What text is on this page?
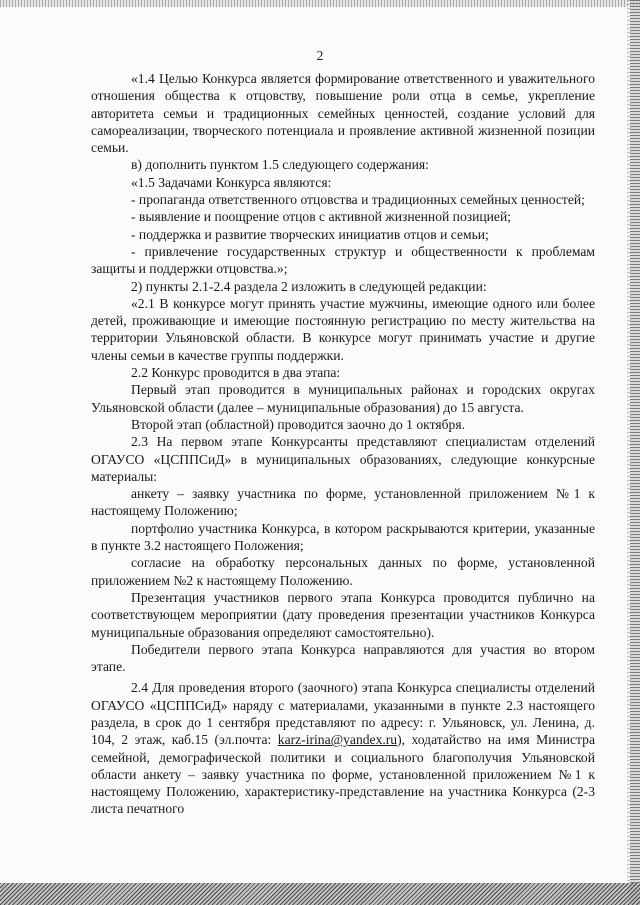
2

«1.4 Целью Конкурса является формирование ответственного и уважительного отношения общества к отцовству, повышение роли отца в семье, укрепление авторитета семьи и традиционных семейных ценностей, создание условий для самореализации, творческого потенциала и проявление активной жизненной позиции семьи.

в) дополнить пунктом 1.5 следующего содержания:

«1.5 Задачами Конкурса являются:

- пропаганда ответственного отцовства и традиционных семейных ценностей;

- выявление и поощрение отцов с активной жизненной позицией;

- поддержка и развитие творческих инициатив отцов и семьи;

- привлечение государственных структур и общественности к проблемам защиты и поддержки отцовства.»;

2) пункты 2.1-2.4 раздела 2 изложить в следующей редакции:

«2.1 В конкурсе могут принять участие мужчины, имеющие одного или более детей, проживающие и имеющие постоянную регистрацию по месту жительства на территории Ульяновской области. В конкурсе могут принимать участие и другие члены семьи в качестве группы поддержки.

2.2 Конкурс проводится в два этапа:

Первый этап проводится в муниципальных районах и городских округах Ульяновской области (далее – муниципальные образования) до 15 августа.

Второй этап (областной) проводится заочно до 1 октября.

2.3 На первом этапе Конкурсанты представляют специалистам отделений ОГАУСО «ЦСППСиД» в муниципальных образованиях, следующие конкурсные материалы:

анкету – заявку участника по форме, установленной приложением №1 к настоящему Положению;

портфолио участника Конкурса, в котором раскрываются критерии, указанные в пункте 3.2 настоящего Положения;

согласие на обработку персональных данных по форме, установленной приложением №2 к настоящему Положению.

Презентация участников первого этапа Конкурса проводится публично на соответствующем мероприятии (дату проведения презентации участников Конкурса муниципальные образования определяют самостоятельно).

Победители первого этапа Конкурса направляются для участия во втором этапе.

2.4 Для проведения второго (заочного) этапа Конкурса специалисты отделений ОГАУСО «ЦСППСиД» наряду с материалами, указанными в пункте 2.3 настоящего раздела, в срок до 1 сентября представляют по адресу: г. Ульяновск, ул. Ленина, д. 104, 2 этаж, каб.15 (эл.почта: karz-irina@yandex.ru), ходатайство на имя Министра семейной, демографической политики и социального благополучия Ульяновской области анкету – заявку участника по форме, установленной приложением №1 к настоящему Положению, характеристику-представление на участника Конкурса (2-3 листа печатного
